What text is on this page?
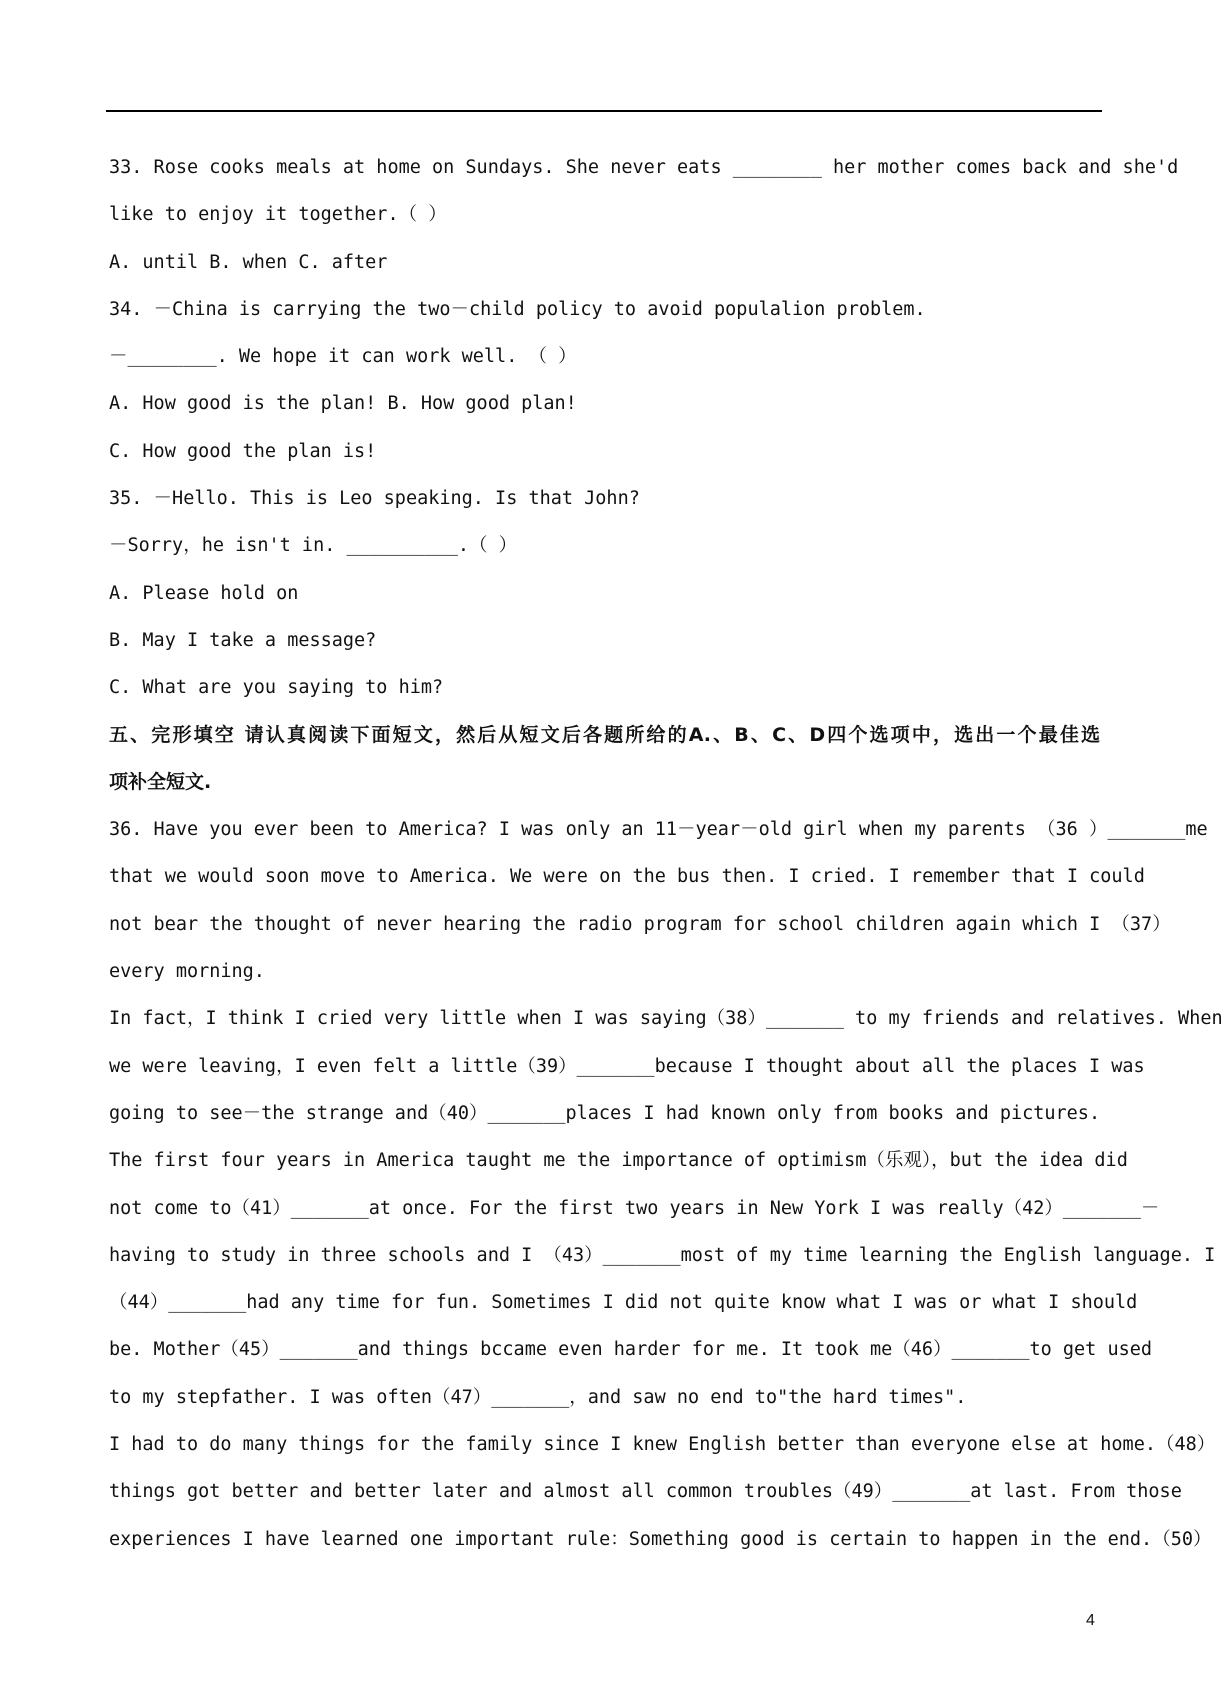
33. Rose cooks meals at home on Sundays. She never eats ________ her mother comes back and she'd
like to enjoy it together.（ ）
A. until B. when C. after
34. －China is carrying the two－child policy to avoid populalion problem.
－________. We hope it can work well. （ ）
A. How good is the plan! B. How good plan!
C. How good the plan is!
35. －Hello. This is Leo speaking. Is that John?
－Sorry，he isn't in. __________.（ ）
A. Please hold on
B. May I take a message?
C. What are you saying to him?
五、完形填空 请认真阅读下面短文，然后从短文后各题所给的A.、B、C、D四个选项中，选出一个最佳选
项补全短文.
36. Have you ever been to America? I was only an 11－year－old girl when my parents （36 ）_______me
that we would soon move to America. We were on the bus then. I cried. I remember that I could
not bear the thought of never hearing the radio program for school children again which I （37）
every morning.
In fact，I think I cried very little when I was saying（38）_______ to my friends and relatives. When
we were leaving，I even felt a little（39）_______because I thought about all the places I was
going to see－the strange and（40）_______places I had known only from books and pictures.
The first four years in America taught me the importance of optimism（乐观），but the idea did
not come to（41）_______at once. For the first two years in New York I was really（42）_______－
having to study in three schools and I （43）_______most of my time learning the English language. I
（44）_______had any time for fun. Sometimes I did not quite know what I was or what I should
be. Mother（45）_______and things bccame even harder for me. It took me（46）_______to get used
to my stepfather. I was often（47）_______，and saw no end to"the hard times".
I had to do many things for the family since I knew English better than everyone else at home.（48）
things got better and better later and almost all common troubles（49）_______at last. From those
experiences I have learned one important rule：Something good is certain to happen in the end.（50）
4
